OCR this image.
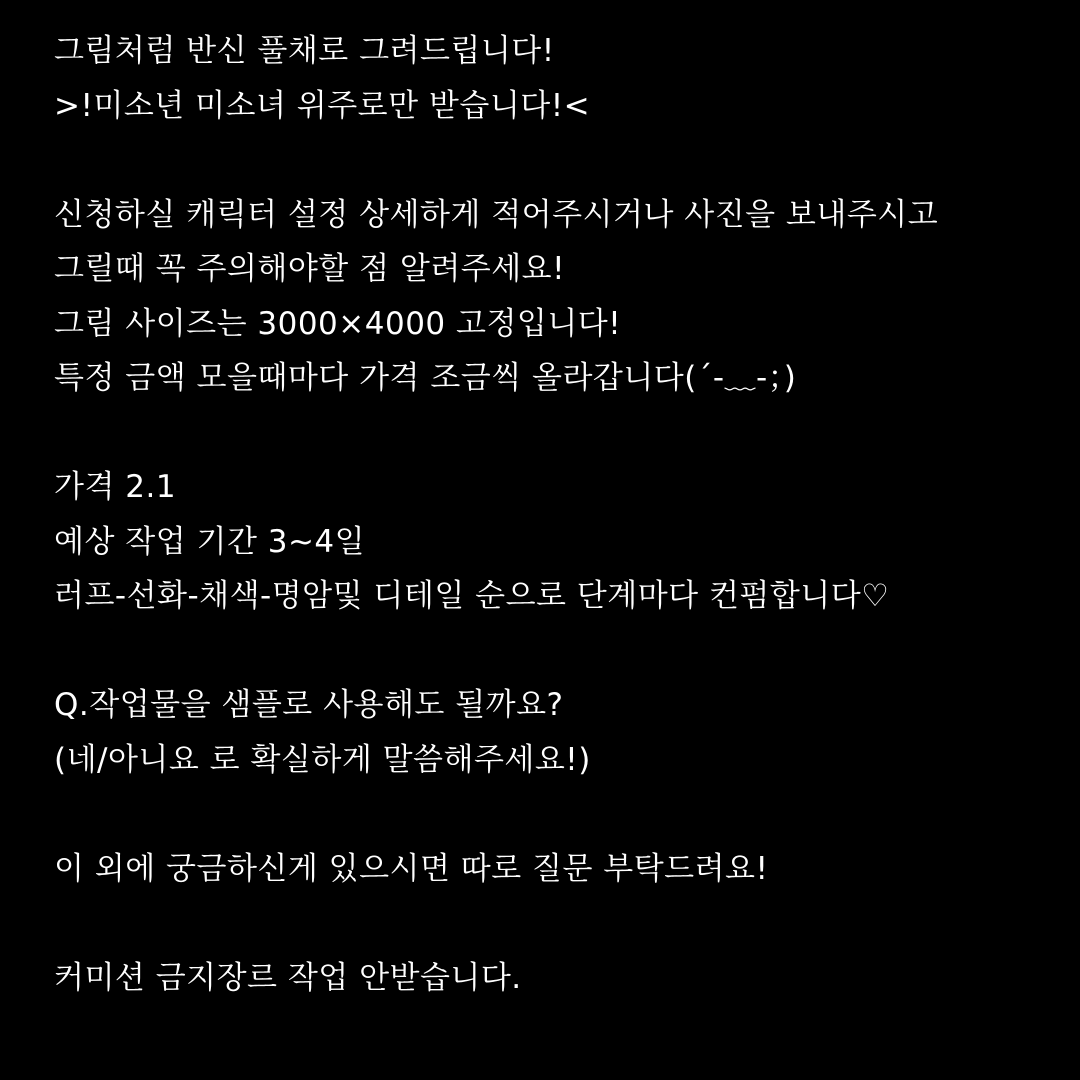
그림처럼 반신 풀채로 그려드립니다!
>!미소년 미소녀 위주로만 받습니다!<
신청하실 캐릭터 설정 상세하게 적어주시거나 사진을 보내주시고
그릴때 꼭 주의해야할 점 알려주세요!
그림 사이즈는 3000×4000 고정입니다!
특정 금액 모을때마다 가격 조금씩 올라갑니다(´-﹏-；)
가격 2.1
예상 작업 기간 3~4일
러프-선화-채색-명암및 디테일 순으로 단계마다 컨펌합니다♡
Q.작업물을 샘플로 사용해도 될까요?
(네/아니요 로 확실하게 말씀해주세요!)
이 외에 궁금하신게 있으시면 따로 질문 부탁드려요!
커미션 금지장르 작업 안받습니다.
